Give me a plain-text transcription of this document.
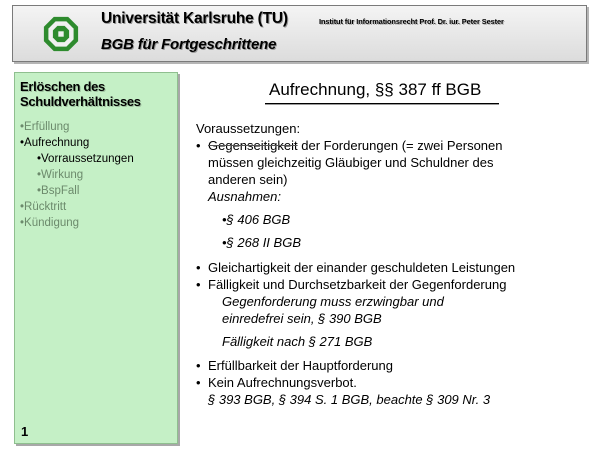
Universität Karlsruhe (TU)	Institut für Informationsrecht Prof. Dr. iur. Peter Sester
BGB für Fortgeschrittene
Erlöschen des
Schuldverhältnisses
•Erfüllung
•Aufrechnung
•Vorraussetzungen
•Wirkung
•BspFall
•Rücktritt
•Kündigung
1
Aufrechnung, §§ 387 ff BGB
Voraussetzungen:
• Gegenseitigkeit der Forderungen (= zwei Personen
müssen gleichzeitig Gläubiger und Schuldner des
anderen sein)
Ausnahmen:
•§ 406 BGB
•§ 268 II BGB
• Gleichartigkeit der einander geschuldeten Leistungen
• Fälligkeit und Durchsetzbarkeit der Gegenforderung
Gegenforderung muss erzwingbar und
einredefrei sein, § 390 BGB
Fälligkeit nach § 271 BGB
• Erfüllbarkeit der Hauptforderung
• Kein Aufrechnungsverbot.
§ 393 BGB, § 394 S. 1 BGB, beachte § 309 Nr. 3
